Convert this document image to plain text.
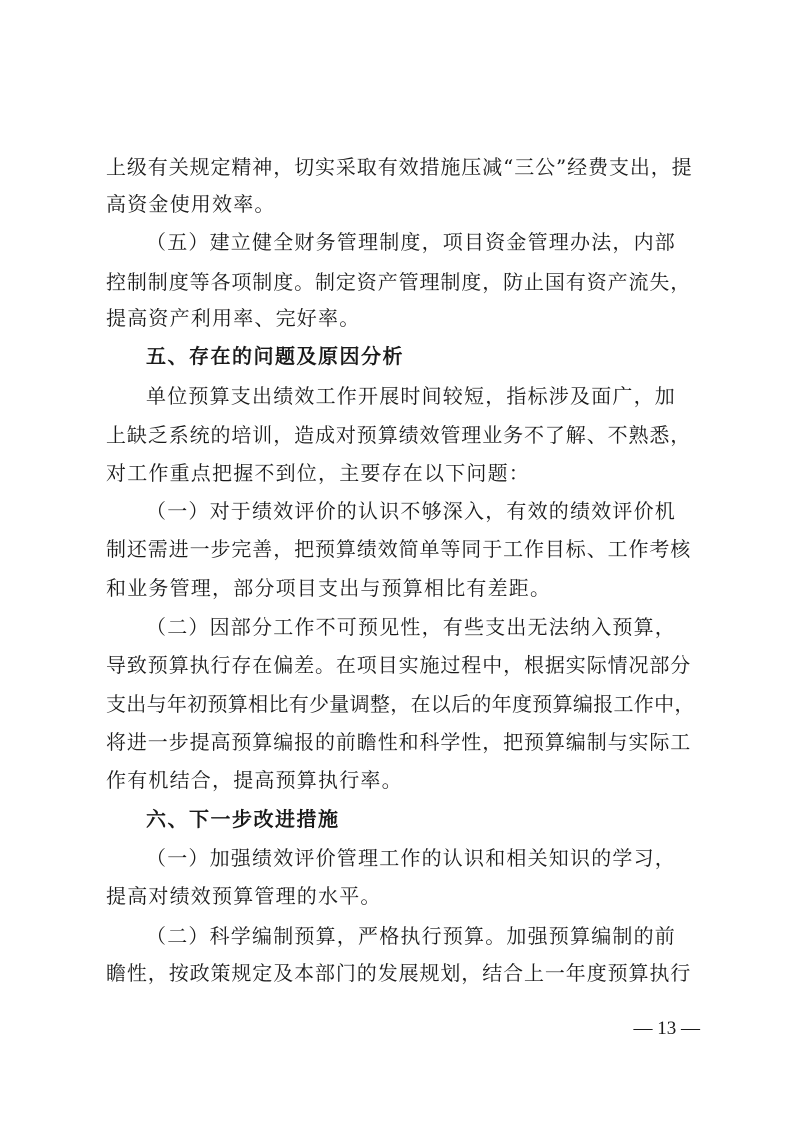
上级有关规定精神，切实采取有效措施压减“三公”经费支出，提
高资金使用效率。
（五）建立健全财务管理制度，项目资金管理办法，内部
控制制度等各项制度。制定资产管理制度，防止国有资产流失，
提高资产利用率、完好率。
五、存在的问题及原因分析
单位预算支出绩效工作开展时间较短，指标涉及面广，加
上缺乏系统的培训，造成对预算绩效管理业务不了解、不熟悉，
对工作重点把握不到位，主要存在以下问题：
（一）对于绩效评价的认识不够深入，有效的绩效评价机
制还需进一步完善，把预算绩效简单等同于工作目标、工作考核
和业务管理，部分项目支出与预算相比有差距。
（二）因部分工作不可预见性，有些支出无法纳入预算，
导致预算执行存在偏差。在项目实施过程中，根据实际情况部分
支出与年初预算相比有少量调整，在以后的年度预算编报工作中，
将进一步提高预算编报的前瞻性和科学性，把预算编制与实际工
作有机结合，提高预算执行率。
六、下一步改进措施
（一）加强绩效评价管理工作的认识和相关知识的学习，
提高对绩效预算管理的水平。
（二）科学编制预算，严格执行预算。加强预算编制的前
瞻性，按政策规定及本部门的发展规划，结合上一年度预算执行
— 13 —
